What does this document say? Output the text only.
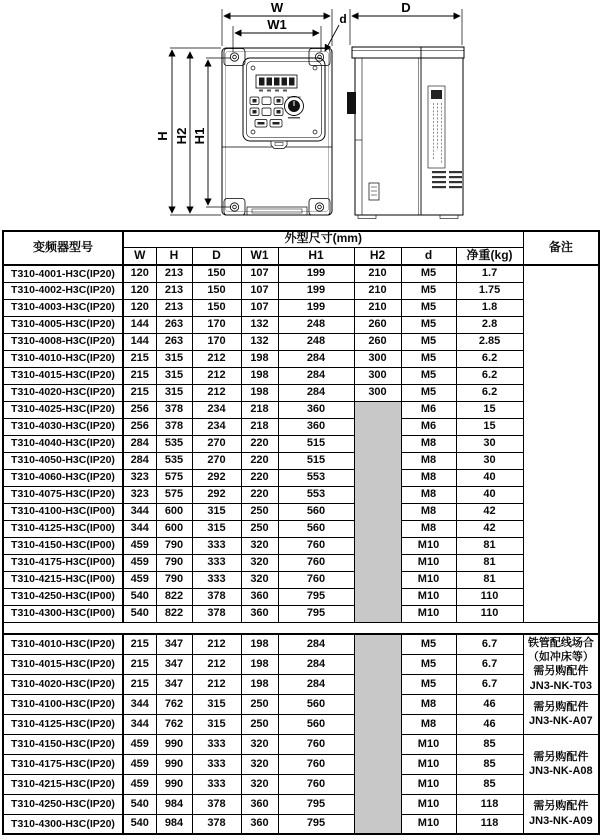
W
W1	d
H H2 H1
D
变频器型号	外型尺寸(mm)								备注
	W	H	D	W1	H1	H2	d	净重(kg)	
T310-4001-H3C(IP20)	120	213	150	107	199	210	M5	1.7	
T310-4002-H3C(IP20)	120	213	150	107	199	210	M5	1.75	
T310-4003-H3C(IP20)	120	213	150	107	199	210	M5	1.8	
T310-4005-H3C(IP20)	144	263	170	132	248	260	M5	2.8	
T310-4008-H3C(IP20)	144	263	170	132	248	260	M5	2.85	
T310-4010-H3C(IP20)	215	315	212	198	284	300	M5	6.2	
T310-4015-H3C(IP20)	215	315	212	198	284	300	M5	6.2	
T310-4020-H3C(IP20)	215	315	212	198	284	300	M5	6.2	
T310-4025-H3C(IP20)	256	378	234	218	360		M6	15	
T310-4030-H3C(IP20)	256	378	234	218	360		M6	15	
T310-4040-H3C(IP20)	284	535	270	220	515		M8	30	
T310-4050-H3C(IP20)	284	535	270	220	515		M8	30	
T310-4060-H3C(IP20)	323	575	292	220	553		M8	40	
T310-4075-H3C(IP20)	323	575	292	220	553		M8	40	
T310-4100-H3C(IP00)	344	600	315	250	560		M8	42	
T310-4125-H3C(IP00)	344	600	315	250	560		M8	42	
T310-4150-H3C(IP00)	459	790	333	320	760		M10	81	
T310-4175-H3C(IP00)	459	790	333	320	760		M10	81	
T310-4215-H3C(IP00)	459	790	333	320	760		M10	81	
T310-4250-H3C(IP00)	540	822	378	360	795		M10	110	
T310-4300-H3C(IP00)	540	822	378	360	795		M10	110	

T310-4010-H3C(IP20)	215	347	212	198	284		M5	6.7	铁管配线场合
（如冲床等）
需另购配件
JN3-NK-T03
T310-4015-H3C(IP20)	215	347	212	198	284		M5	6.7	
T310-4020-H3C(IP20)	215	347	212	198	284		M5	6.7	
T310-4100-H3C(IP20)	344	762	315	250	560		M8	46	需另购配件
JN3-NK-A07
T310-4125-H3C(IP20)	344	762	315	250	560		M8	46	
T310-4150-H3C(IP20)	459	990	333	320	760		M10	85	需另购配件
JN3-NK-A08
T310-4175-H3C(IP20)	459	990	333	320	760		M10	85	
T310-4215-H3C(IP20)	459	990	333	320	760		M10	85	
T310-4250-H3C(IP20)	540	984	378	360	795		M10	118	需另购配件
JN3-NK-A09
T310-4300-H3C(IP20)	540	984	378	360	795		M10	118	
